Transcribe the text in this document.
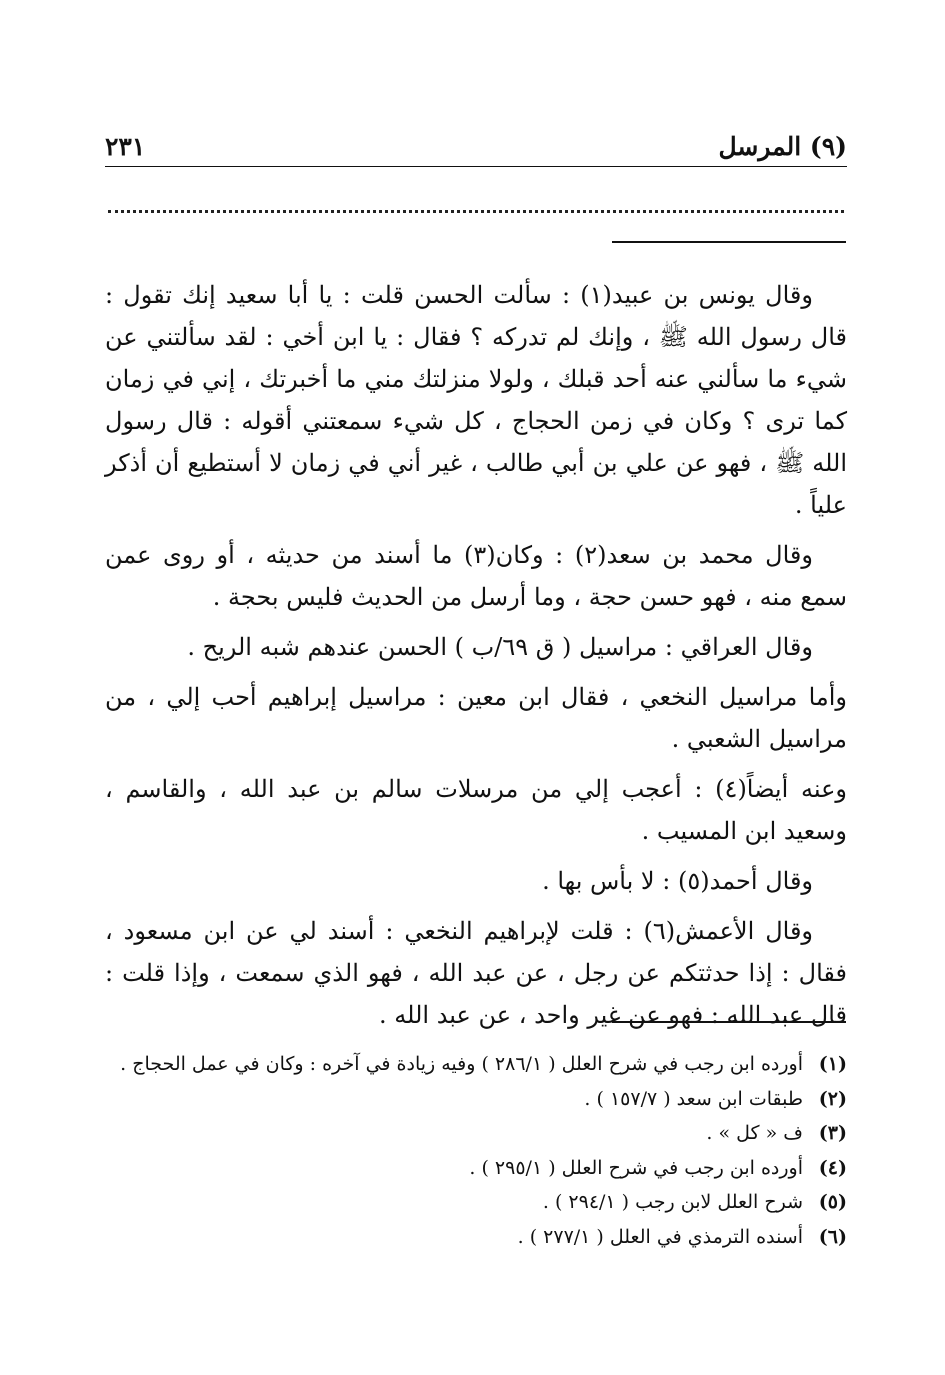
(٩) المرسل
٢٣١

وقال يونس بن عبيد(١) : سألت الحسن قلت : يا أبا سعيد إنك تقول : قال رسول الله ﷺ ، وإنك لم تدركه ؟ فقال : يا ابن أخي : لقد سألتني عن شيء ما سألني عنه أحد قبلك ، ولولا منزلتك مني ما أخبرتك ، إني في زمان كما ترى ؟ وكان في زمن الحجاج ، كل شيء سمعتني أقوله : قال رسول الله ﷺ ، فهو عن علي بن أبي طالب ، غير أني في زمان لا أستطيع أن أذكر علياً .

وقال محمد بن سعد(٢) : وكان(٣) ما أسند من حديثه ، أو روى عمن سمع منه ، فهو حسن حجة ، وما أرسل من الحديث فليس بحجة .

وقال العراقي : مراسيل ( ق ٦٩/ب ) الحسن عندهم شبه الريح .

وأما مراسيل النخعي ، فقال ابن معين : مراسيل إبراهيم أحب إلي ، من مراسيل الشعبي .

وعنه أيضاً(٤) : أعجب إلي من مرسلات سالم بن عبد الله ، والقاسم ، وسعيد ابن المسيب .

وقال أحمد(٥) : لا بأس بها .

وقال الأعمش(٦) : قلت لإبراهيم النخعي : أسند لي عن ابن مسعود ، فقال : إذا حدثتكم عن رجل ، عن عبد الله ، فهو الذي سمعت ، وإذا قلت : قال عبد الله : فهو عن غير واحد ، عن عبد الله .

(١)
أورده ابن رجب في شرح العلل ( ٢٨٦/١ ) وفيه زيادة في آخره : وكان في عمل الحجاج .
(٢)
طبقات ابن سعد ( ١٥٧/٧ ) .
(٣)
ف « كل » .
(٤)
أورده ابن رجب في شرح العلل ( ٢٩٥/١ ) .
(٥)
شرح العلل لابن رجب ( ٢٩٤/١ ) .
(٦)
أسنده الترمذي في العلل ( ٢٧٧/١ ) .
